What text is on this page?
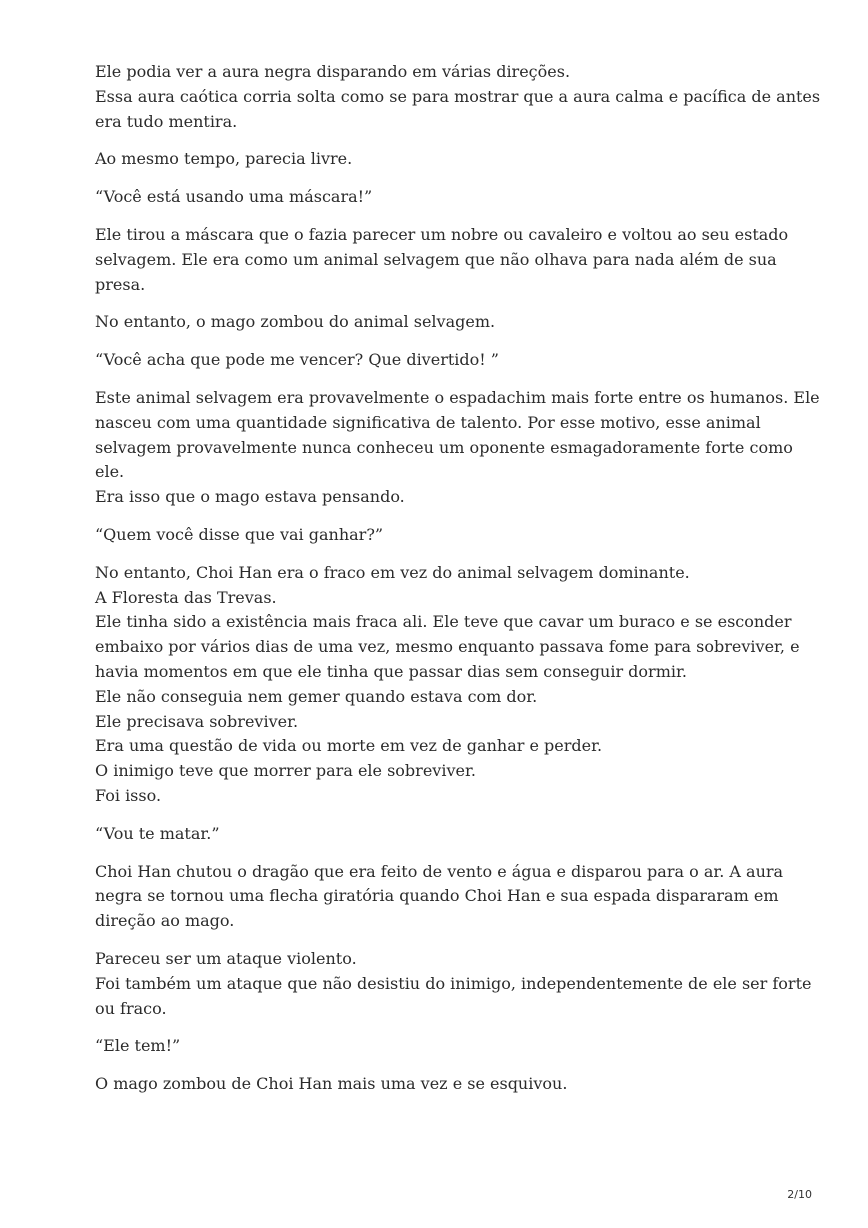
Ele podia ver a aura negra disparando em várias direções.
Essa aura caótica corria solta como se para mostrar que a aura calma e pacífica de antes
era tudo mentira.

Ao mesmo tempo, parecia livre.

“Você está usando uma máscara!”

Ele tirou a máscara que o fazia parecer um nobre ou cavaleiro e voltou ao seu estado
selvagem. Ele era como um animal selvagem que não olhava para nada além de sua
presa.

No entanto, o mago zombou do animal selvagem.

“Você acha que pode me vencer? Que divertido! ”

Este animal selvagem era provavelmente o espadachim mais forte entre os humanos. Ele
nasceu com uma quantidade significativa de talento. Por esse motivo, esse animal
selvagem provavelmente nunca conheceu um oponente esmagadoramente forte como
ele.
Era isso que o mago estava pensando.

“Quem você disse que vai ganhar?”

No entanto, Choi Han era o fraco em vez do animal selvagem dominante.
A Floresta das Trevas.
Ele tinha sido a existência mais fraca ali. Ele teve que cavar um buraco e se esconder
embaixo por vários dias de uma vez, mesmo enquanto passava fome para sobreviver, e
havia momentos em que ele tinha que passar dias sem conseguir dormir.
Ele não conseguia nem gemer quando estava com dor.
Ele precisava sobreviver.
Era uma questão de vida ou morte em vez de ganhar e perder.
O inimigo teve que morrer para ele sobreviver.
Foi isso.

“Vou te matar.”

Choi Han chutou o dragão que era feito de vento e água e disparou para o ar. A aura
negra se tornou uma flecha giratória quando Choi Han e sua espada dispararam em
direção ao mago.

Pareceu ser um ataque violento.
Foi também um ataque que não desistiu do inimigo, independentemente de ele ser forte
ou fraco.

“Ele tem!”

O mago zombou de Choi Han mais uma vez e se esquivou.

2/10
